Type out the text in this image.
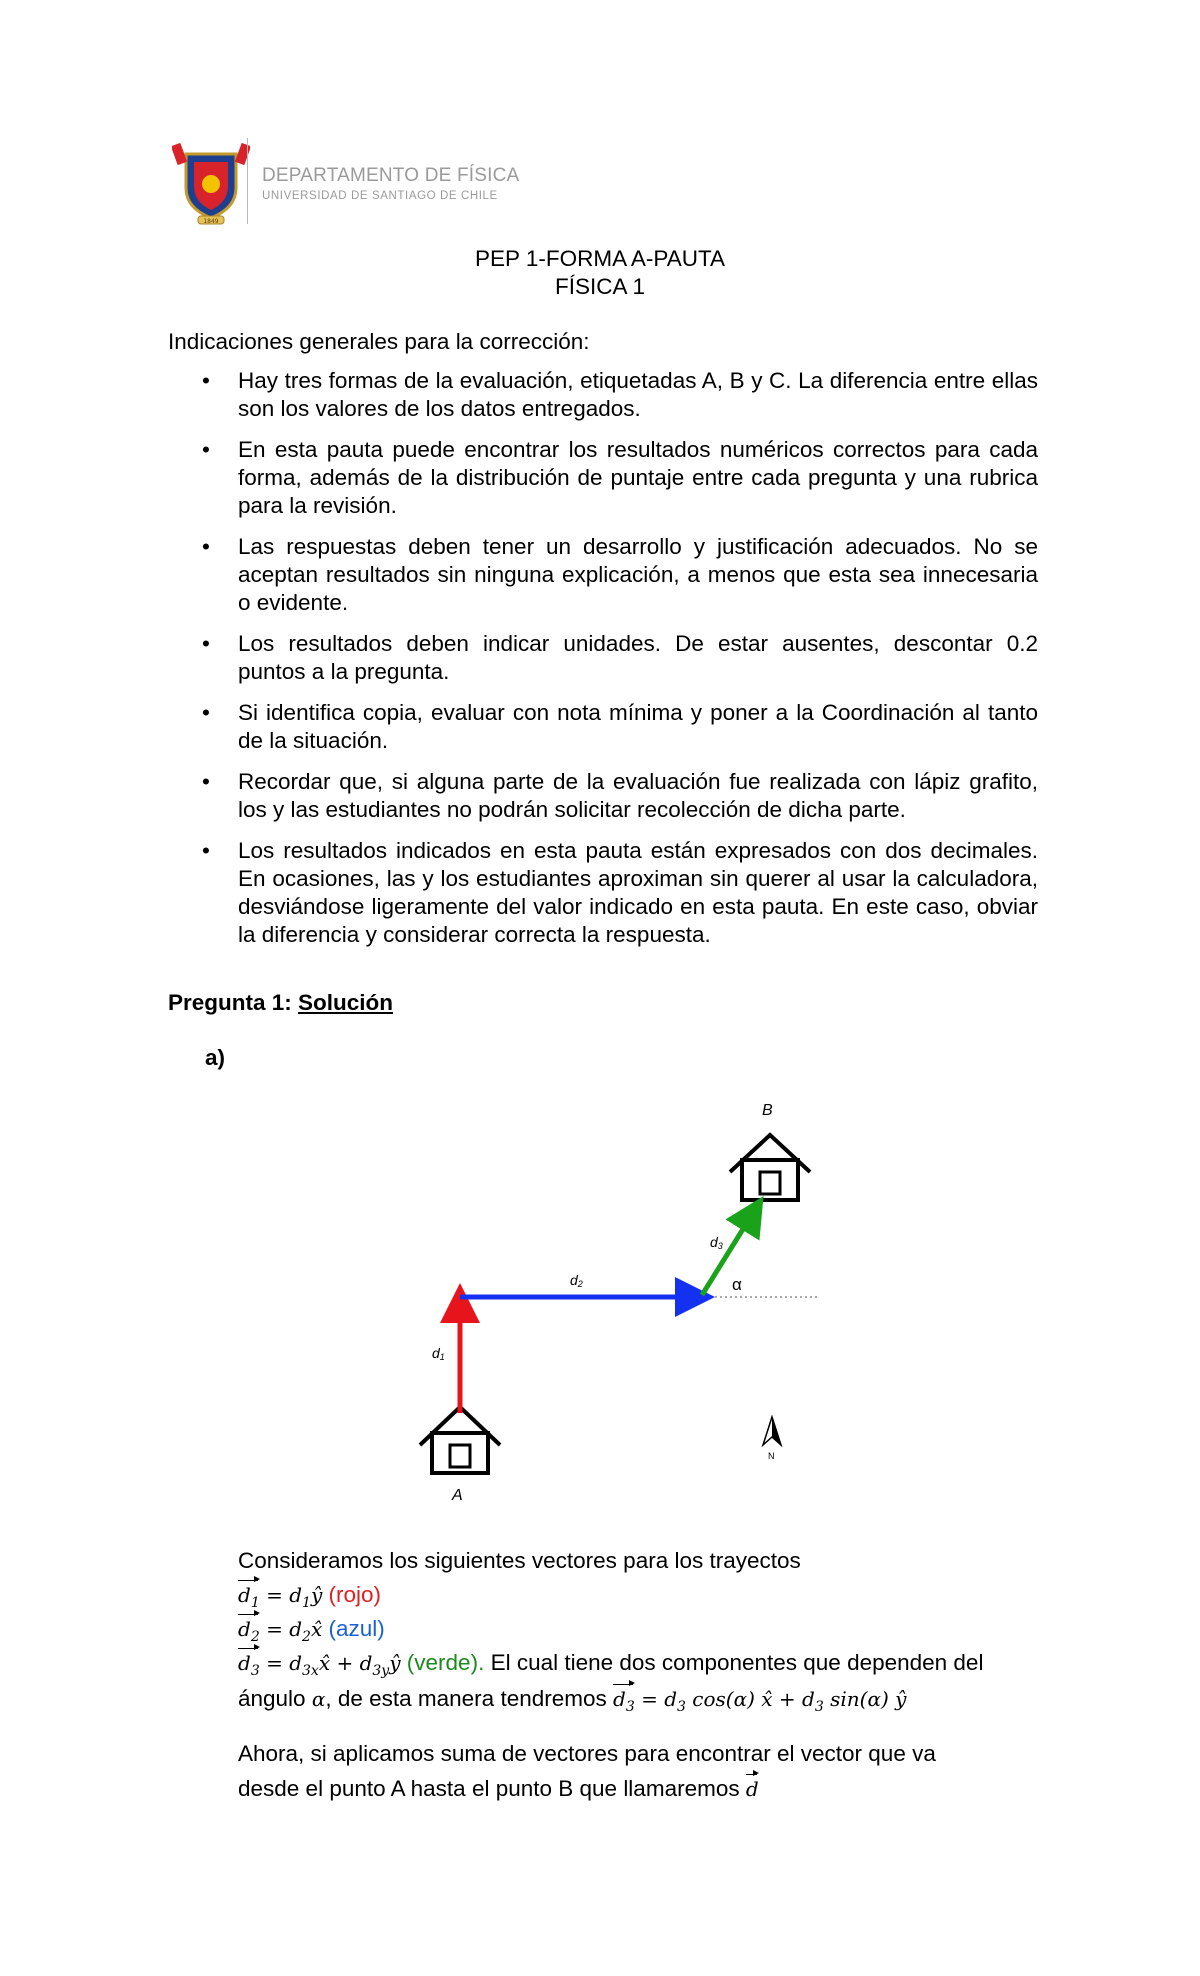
1849
DEPARTAMENTO DE FÍSICA
UNIVERSIDAD DE SANTIAGO DE CHILE
PEP 1-FORMA A-PAUTA
FÍSICA 1
Indicaciones generales para la corrección:
• Hay tres formas de la evaluación, etiquetadas A, B y C. La diferencia entre ellas son los valores de los datos entregados.
• En esta pauta puede encontrar los resultados numéricos correctos para cada forma, además de la distribución de puntaje entre cada pregunta y una rubrica para la revisión.
• Las respuestas deben tener un desarrollo y justificación adecuados. No se aceptan resultados sin ninguna explicación, a menos que esta sea innecesaria o evidente.
• Los resultados deben indicar unidades. De estar ausentes, descontar 0.2 puntos a la pregunta.
• Si identifica copia, evaluar con nota mínima y poner a la Coordinación al tanto de la situación.
• Recordar que, si alguna parte de la evaluación fue realizada con lápiz grafito, los y las estudiantes no podrán solicitar recolección de dicha parte.
• Los resultados indicados en esta pauta están expresados con dos decimales. En ocasiones, las y los estudiantes aproximan sin querer al usar la calculadora, desviándose ligeramente del valor indicado en esta pauta. En este caso, obviar la diferencia y considerar correcta la respuesta.
Pregunta 1: Solución
a)
B
A
d1
d2
d3
α
N
Consideramos los siguientes vectores para los trayectos
$d_1$ = $d_1ŷ$ (rojo)
$d_2$ = $d_2x̂$ (azul)
$d_3$ = $d_{3x}x̂$ + $d_{3y}ŷ$ (verde). El cual tiene dos componentes que dependen del
ángulo α, de esta manera tendremos $d_3 = d_3$ cos(α) x̂ + $d_3$ sin(α) ŷ
Ahora, si aplicamos suma de vectores para encontrar el vector que va
desde el punto A hasta el punto B que llamaremos d
